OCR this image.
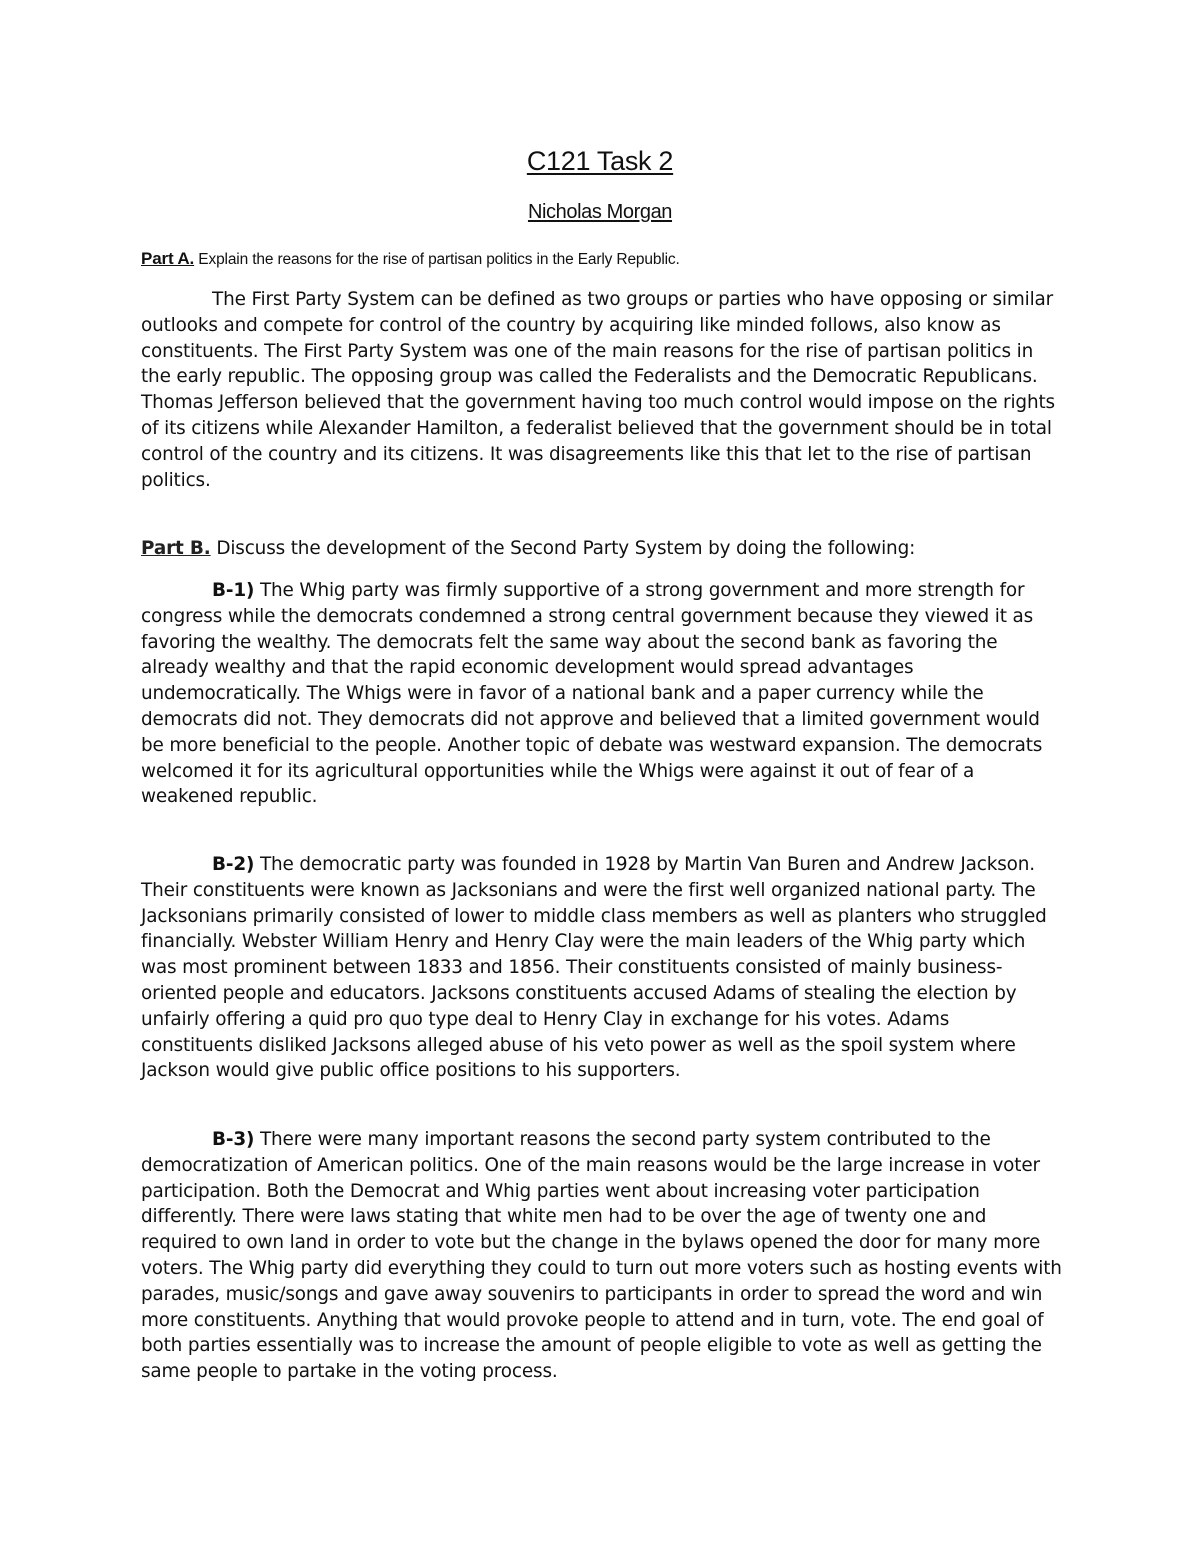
C121 Task 2
Nicholas Morgan
Part A. Explain the reasons for the rise of partisan politics in the Early Republic.

The First Party System can be defined as two groups or parties who have opposing or similar outlooks and compete for control of the country by acquiring like minded follows, also know as constituents. The First Party System was one of the main reasons for the rise of partisan politics in the early republic. The opposing group was called the Federalists and the Democratic Republicans. Thomas Jefferson believed that the government having too much control would impose on the rights of its citizens while Alexander Hamilton, a federalist believed that the government should be in total control of the country and its citizens. It was disagreements like this that let to the rise of partisan politics.

Part B. Discuss the development of the Second Party System by doing the following:

B-1) The Whig party was firmly supportive of a strong government and more strength for congress while the democrats condemned a strong central government because they viewed it as favoring the wealthy. The democrats felt the same way about the second bank as favoring the already wealthy and that the rapid economic development would spread advantages undemocratically. The Whigs were in favor of a national bank and a paper currency while the democrats did not. They democrats did not approve and believed that a limited government would be more beneficial to the people. Another topic of debate was westward expansion. The democrats welcomed it for its agricultural opportunities while the Whigs were against it out of fear of a weakened republic.

B-2) The democratic party was founded in 1928 by Martin Van Buren and Andrew Jackson. Their constituents were known as Jacksonians and were the first well organized national party. The Jacksonians primarily consisted of lower to middle class members as well as planters who struggled financially. Webster William Henry and Henry Clay were the main leaders of the Whig party which was most prominent between 1833 and 1856. Their constituents consisted of mainly business-oriented people and educators. Jacksons constituents accused Adams of stealing the election by unfairly offering a quid pro quo type deal to Henry Clay in exchange for his votes. Adams constituents disliked Jacksons alleged abuse of his veto power as well as the spoil system where Jackson would give public office positions to his supporters.

B-3) There were many important reasons the second party system contributed to the democratization of American politics. One of the main reasons would be the large increase in voter participation. Both the Democrat and Whig parties went about increasing voter participation differently. There were laws stating that white men had to be over the age of twenty one and required to own land in order to vote but the change in the bylaws opened the door for many more voters. The Whig party did everything they could to turn out more voters such as hosting events with parades, music/songs and gave away souvenirs to participants in order to spread the word and win more constituents. Anything that would provoke people to attend and in turn, vote. The end goal of both parties essentially was to increase the amount of people eligible to vote as well as getting the same people to partake in the voting process.
